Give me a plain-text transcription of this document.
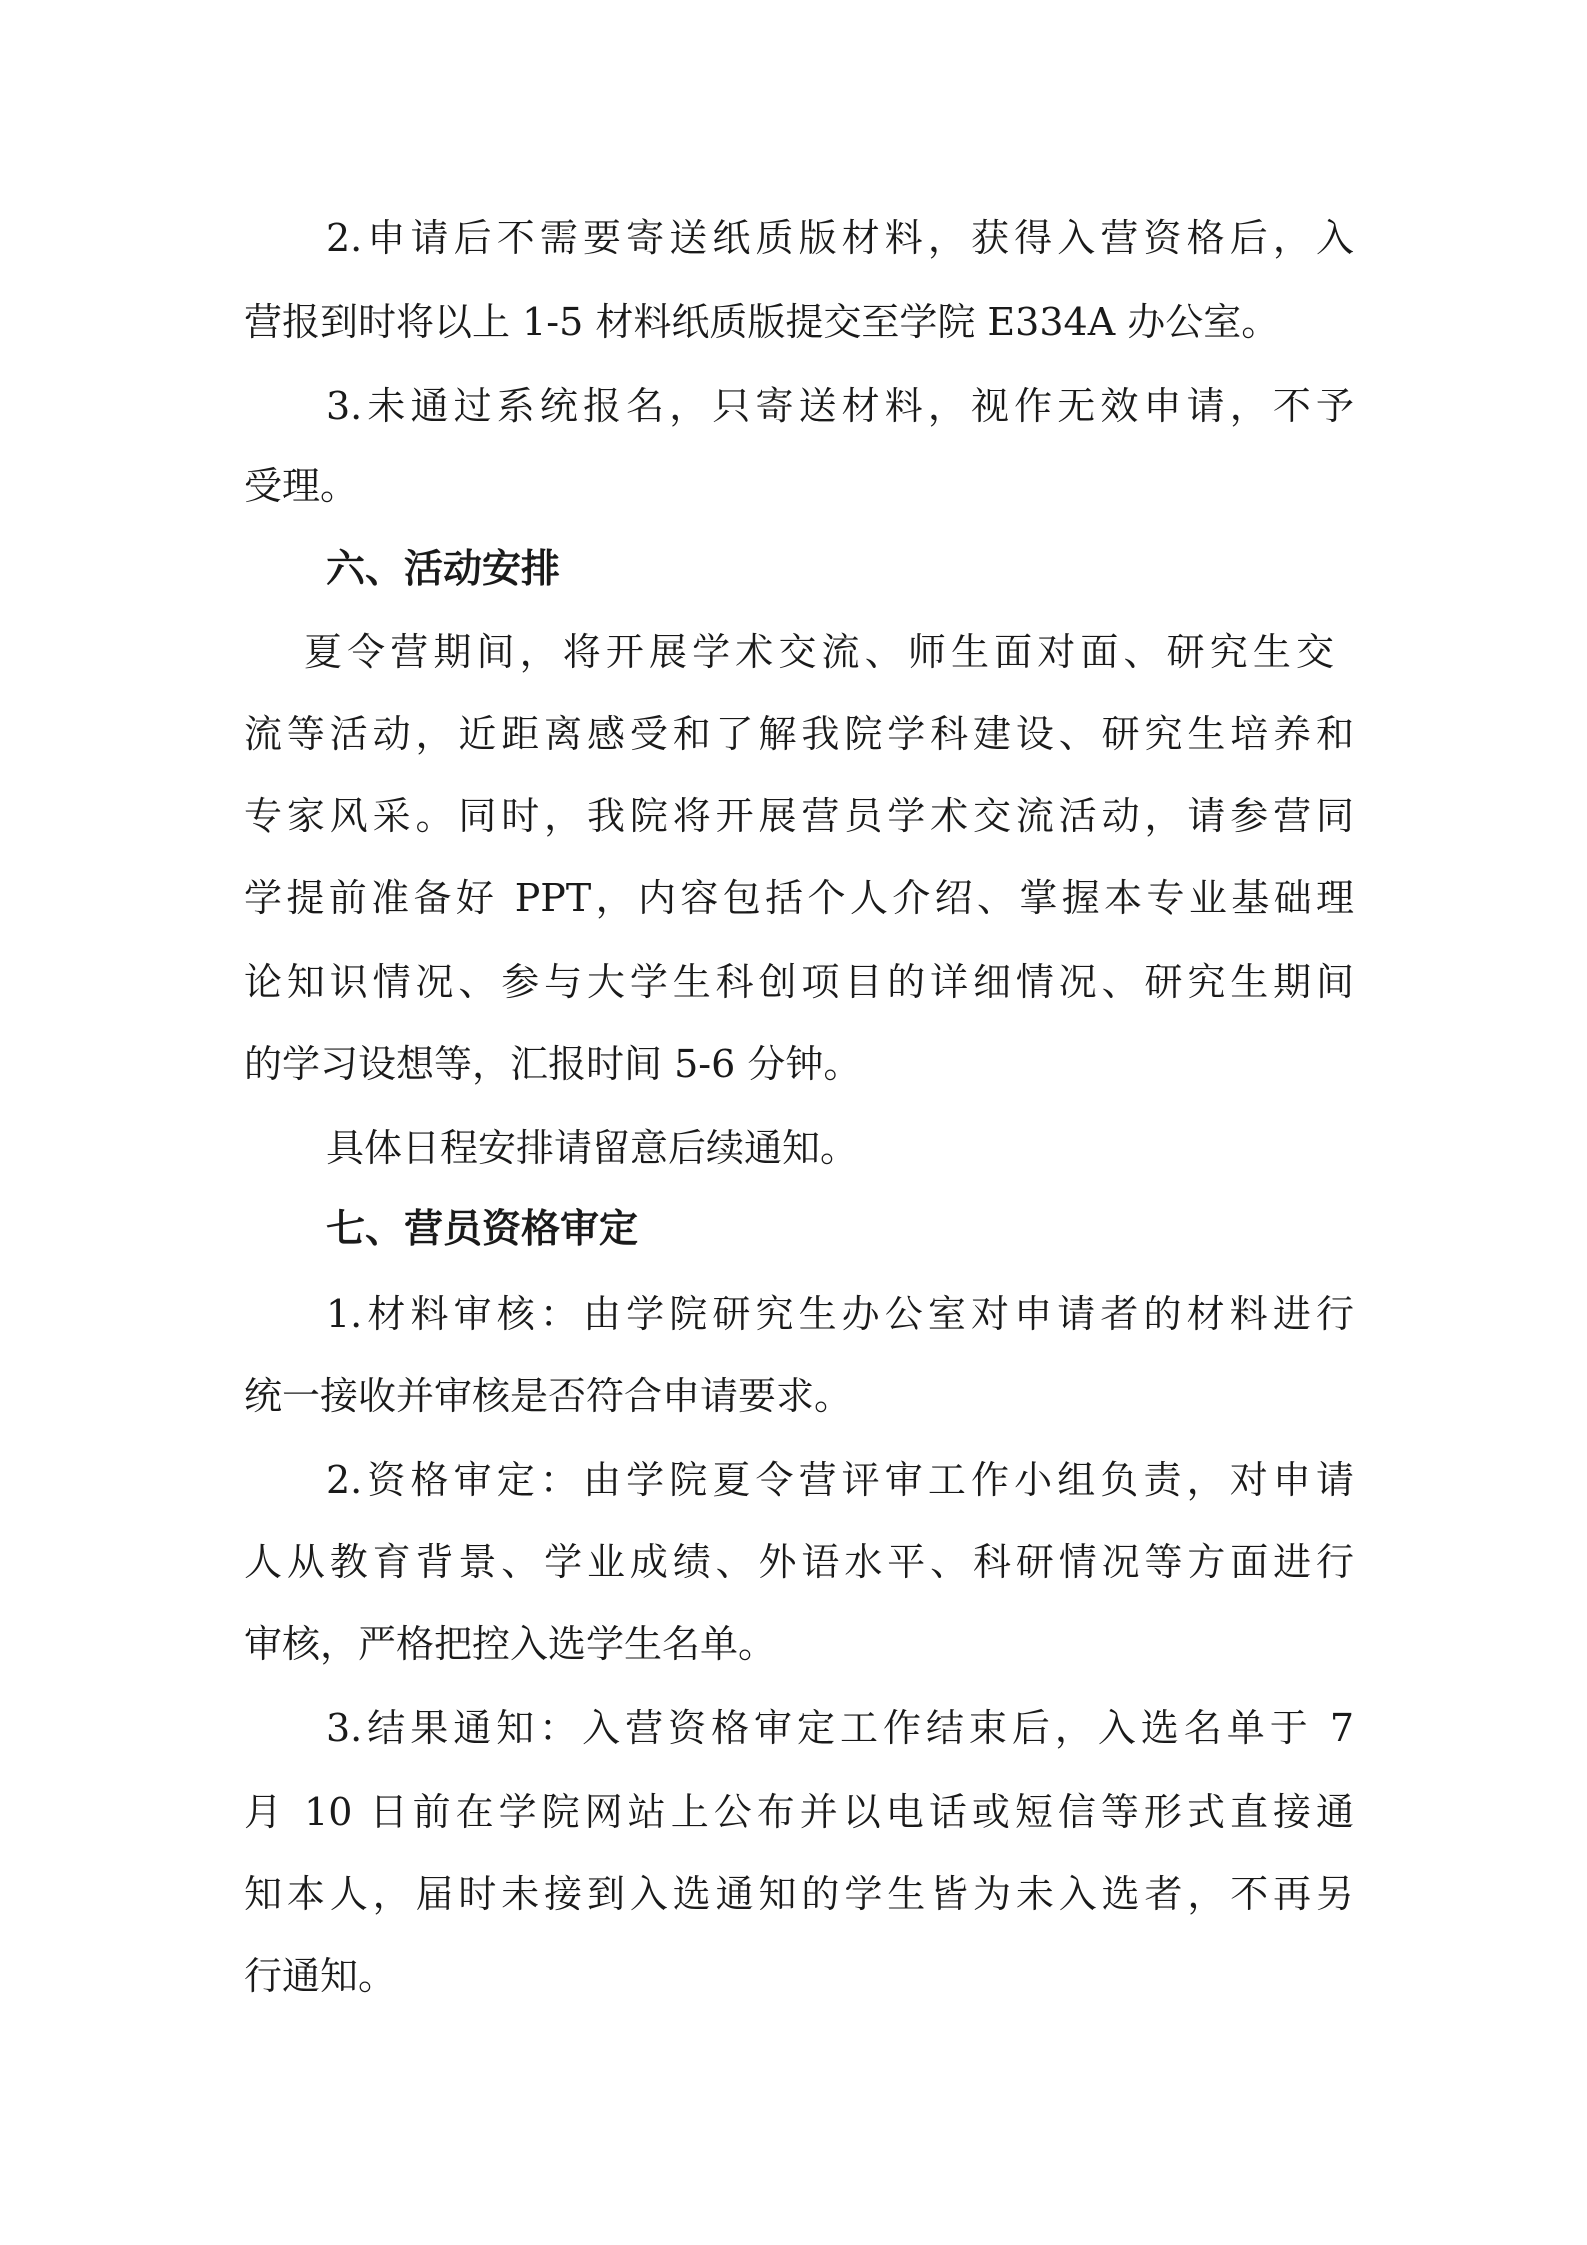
2.申请后不需要寄送纸质版材料，获得入营资格后，入
营报到时将以上 1-5 材料纸质版提交至学院 E334A 办公室。
3.未通过系统报名，只寄送材料，视作无效申请，不予
受理。
六、活动安排
夏令营期间，将开展学术交流、师生面对面、研究生交
流等活动，近距离感受和了解我院学科建设、研究生培养和
专家风采。同时，我院将开展营员学术交流活动，请参营同
学提前准备好 PPT，内容包括个人介绍、掌握本专业基础理
论知识情况、参与大学生科创项目的详细情况、研究生期间
的学习设想等，汇报时间 5-6 分钟。
具体日程安排请留意后续通知。
七、营员资格审定
1.材料审核：由学院研究生办公室对申请者的材料进行
统一接收并审核是否符合申请要求。
2.资格审定：由学院夏令营评审工作小组负责，对申请
人从教育背景、学业成绩、外语水平、科研情况等方面进行
审核，严格把控入选学生名单。
3.结果通知：入营资格审定工作结束后，入选名单于 7
月 10 日前在学院网站上公布并以电话或短信等形式直接通
知本人，届时未接到入选通知的学生皆为未入选者，不再另
行通知。
